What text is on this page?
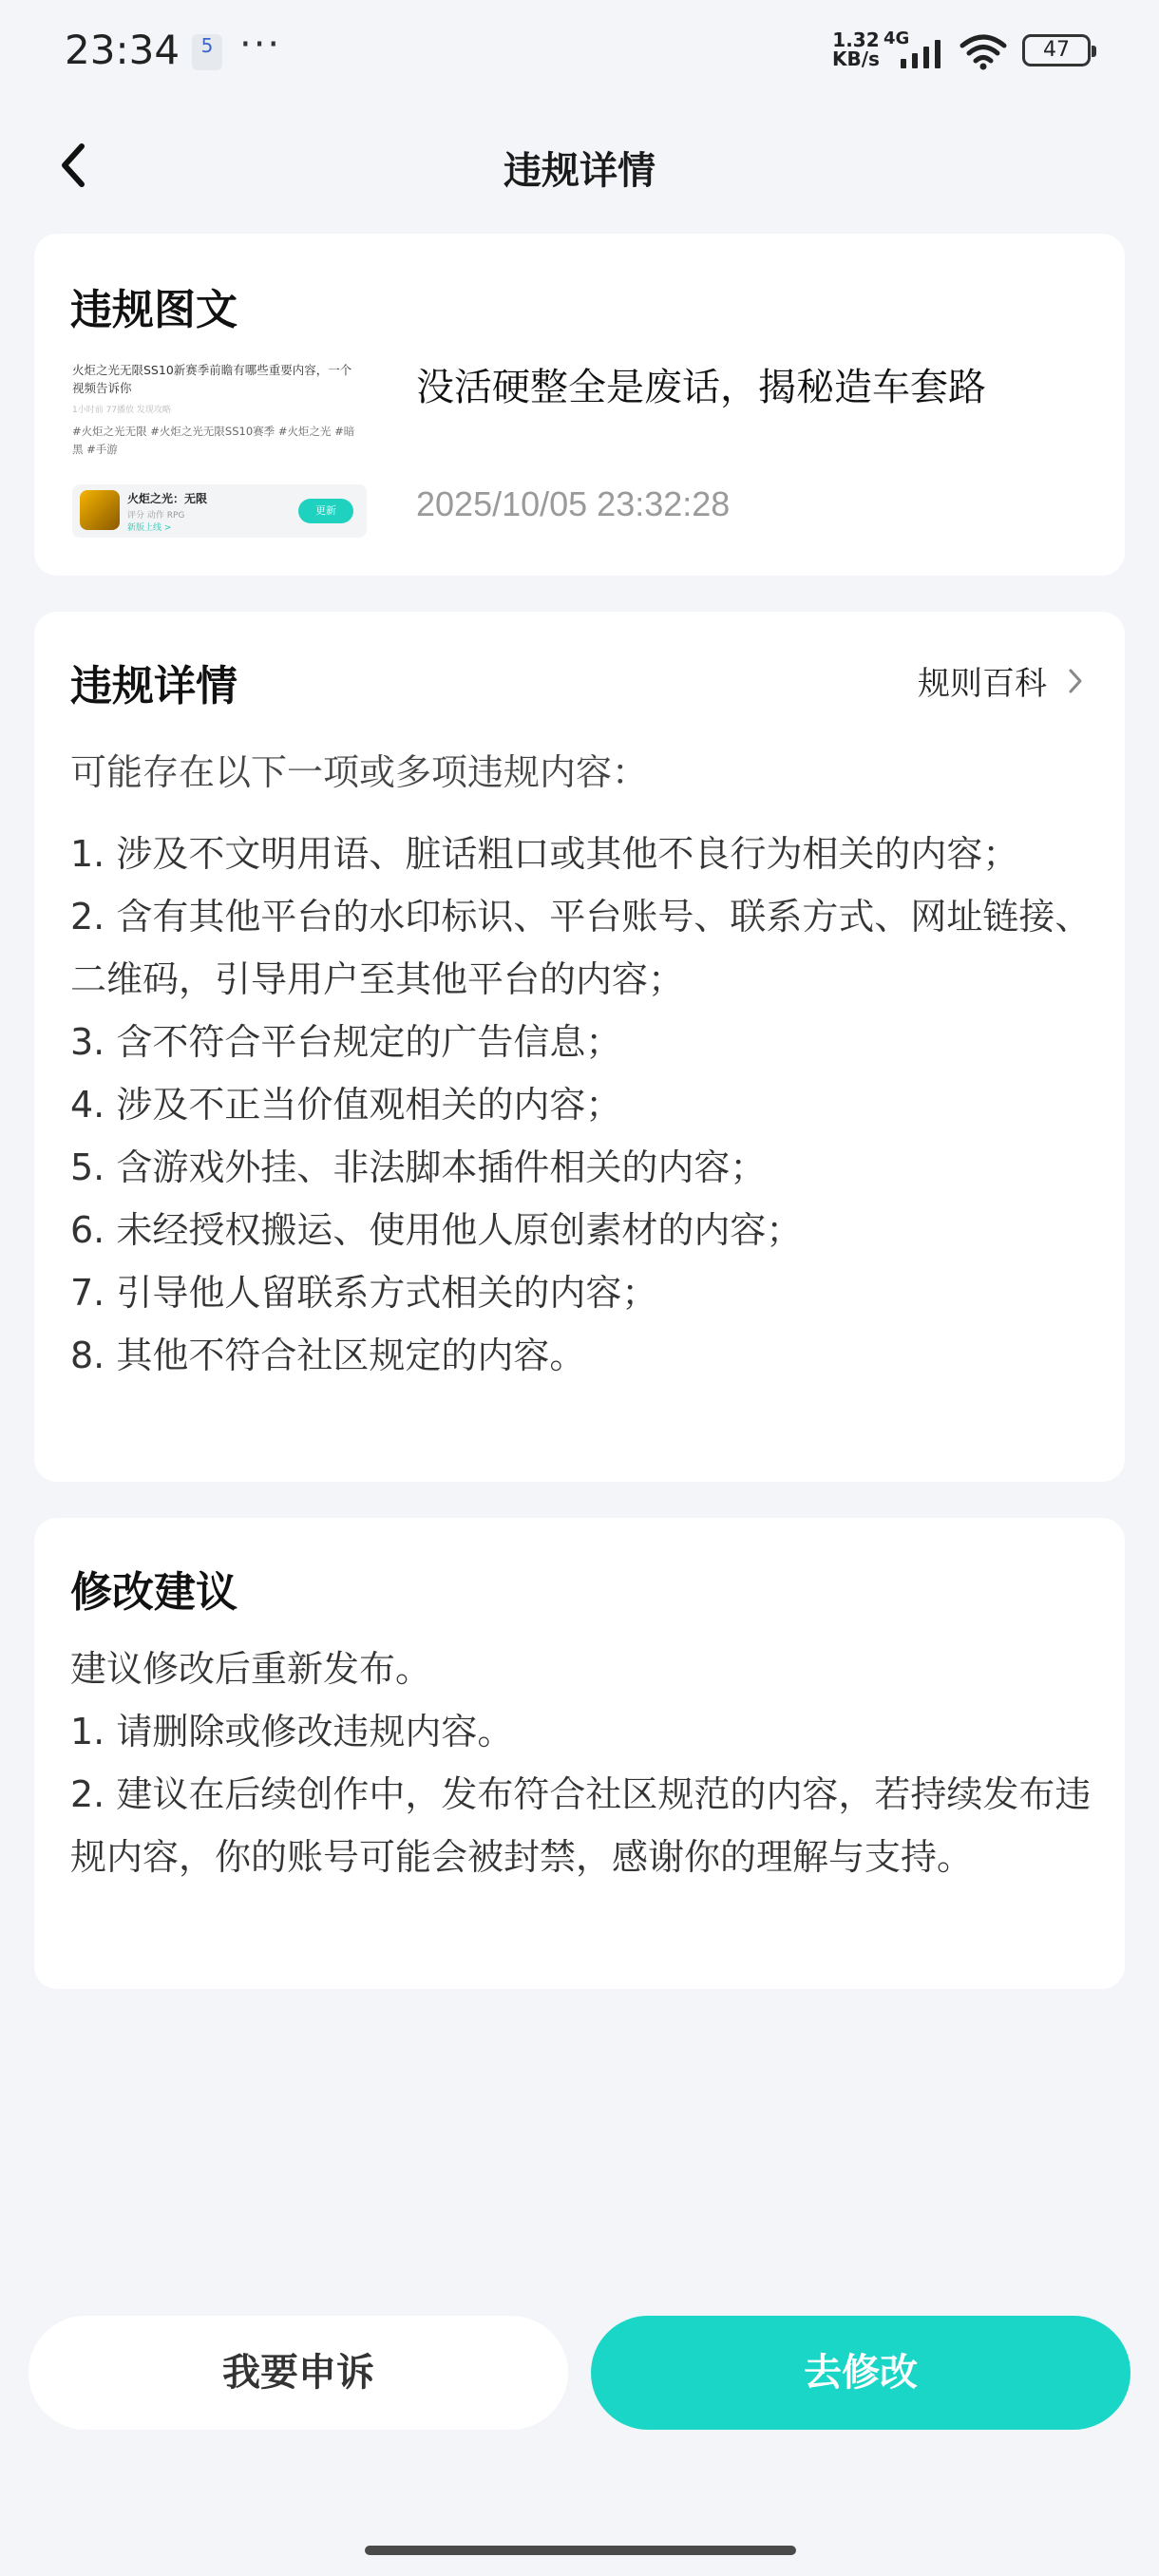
23:34	5 ···	1.32
KB/s
4G	47
违规详情
违规图文
火炬之光无限SS10新赛季前瞻有哪些重要内容，一个视频告诉你
1小时前 77播放 发现攻略
#火炬之光无限 #火炬之光无限SS10赛季 #火炬之光 #暗黑 #手游
火炬之光：无限
评分 动作 RPG
新版上线 >
更新
没活硬整全是废话，揭秘造车套路
2025/10/05 23:32:28
违规详情	规则百科
可能存在以下一项或多项违规内容：
1. 涉及不文明用语、脏话粗口或其他不良行为相关的内容；
2. 含有其他平台的水印标识、平台账号、联系方式、网址链接、二维码，引导用户至其他平台的内容；
3. 含不符合平台规定的广告信息；
4. 涉及不正当价值观相关的内容；
5. 含游戏外挂、非法脚本插件相关的内容；
6. 未经授权搬运、使用他人原创素材的内容；
7. 引导他人留联系方式相关的内容；
8. 其他不符合社区规定的内容。
修改建议
建议修改后重新发布。
1. 请删除或修改违规内容。
2. 建议在后续创作中，发布符合社区规范的内容，若持续发布违规内容，你的账号可能会被封禁，感谢你的理解与支持。
我要申诉	去修改
